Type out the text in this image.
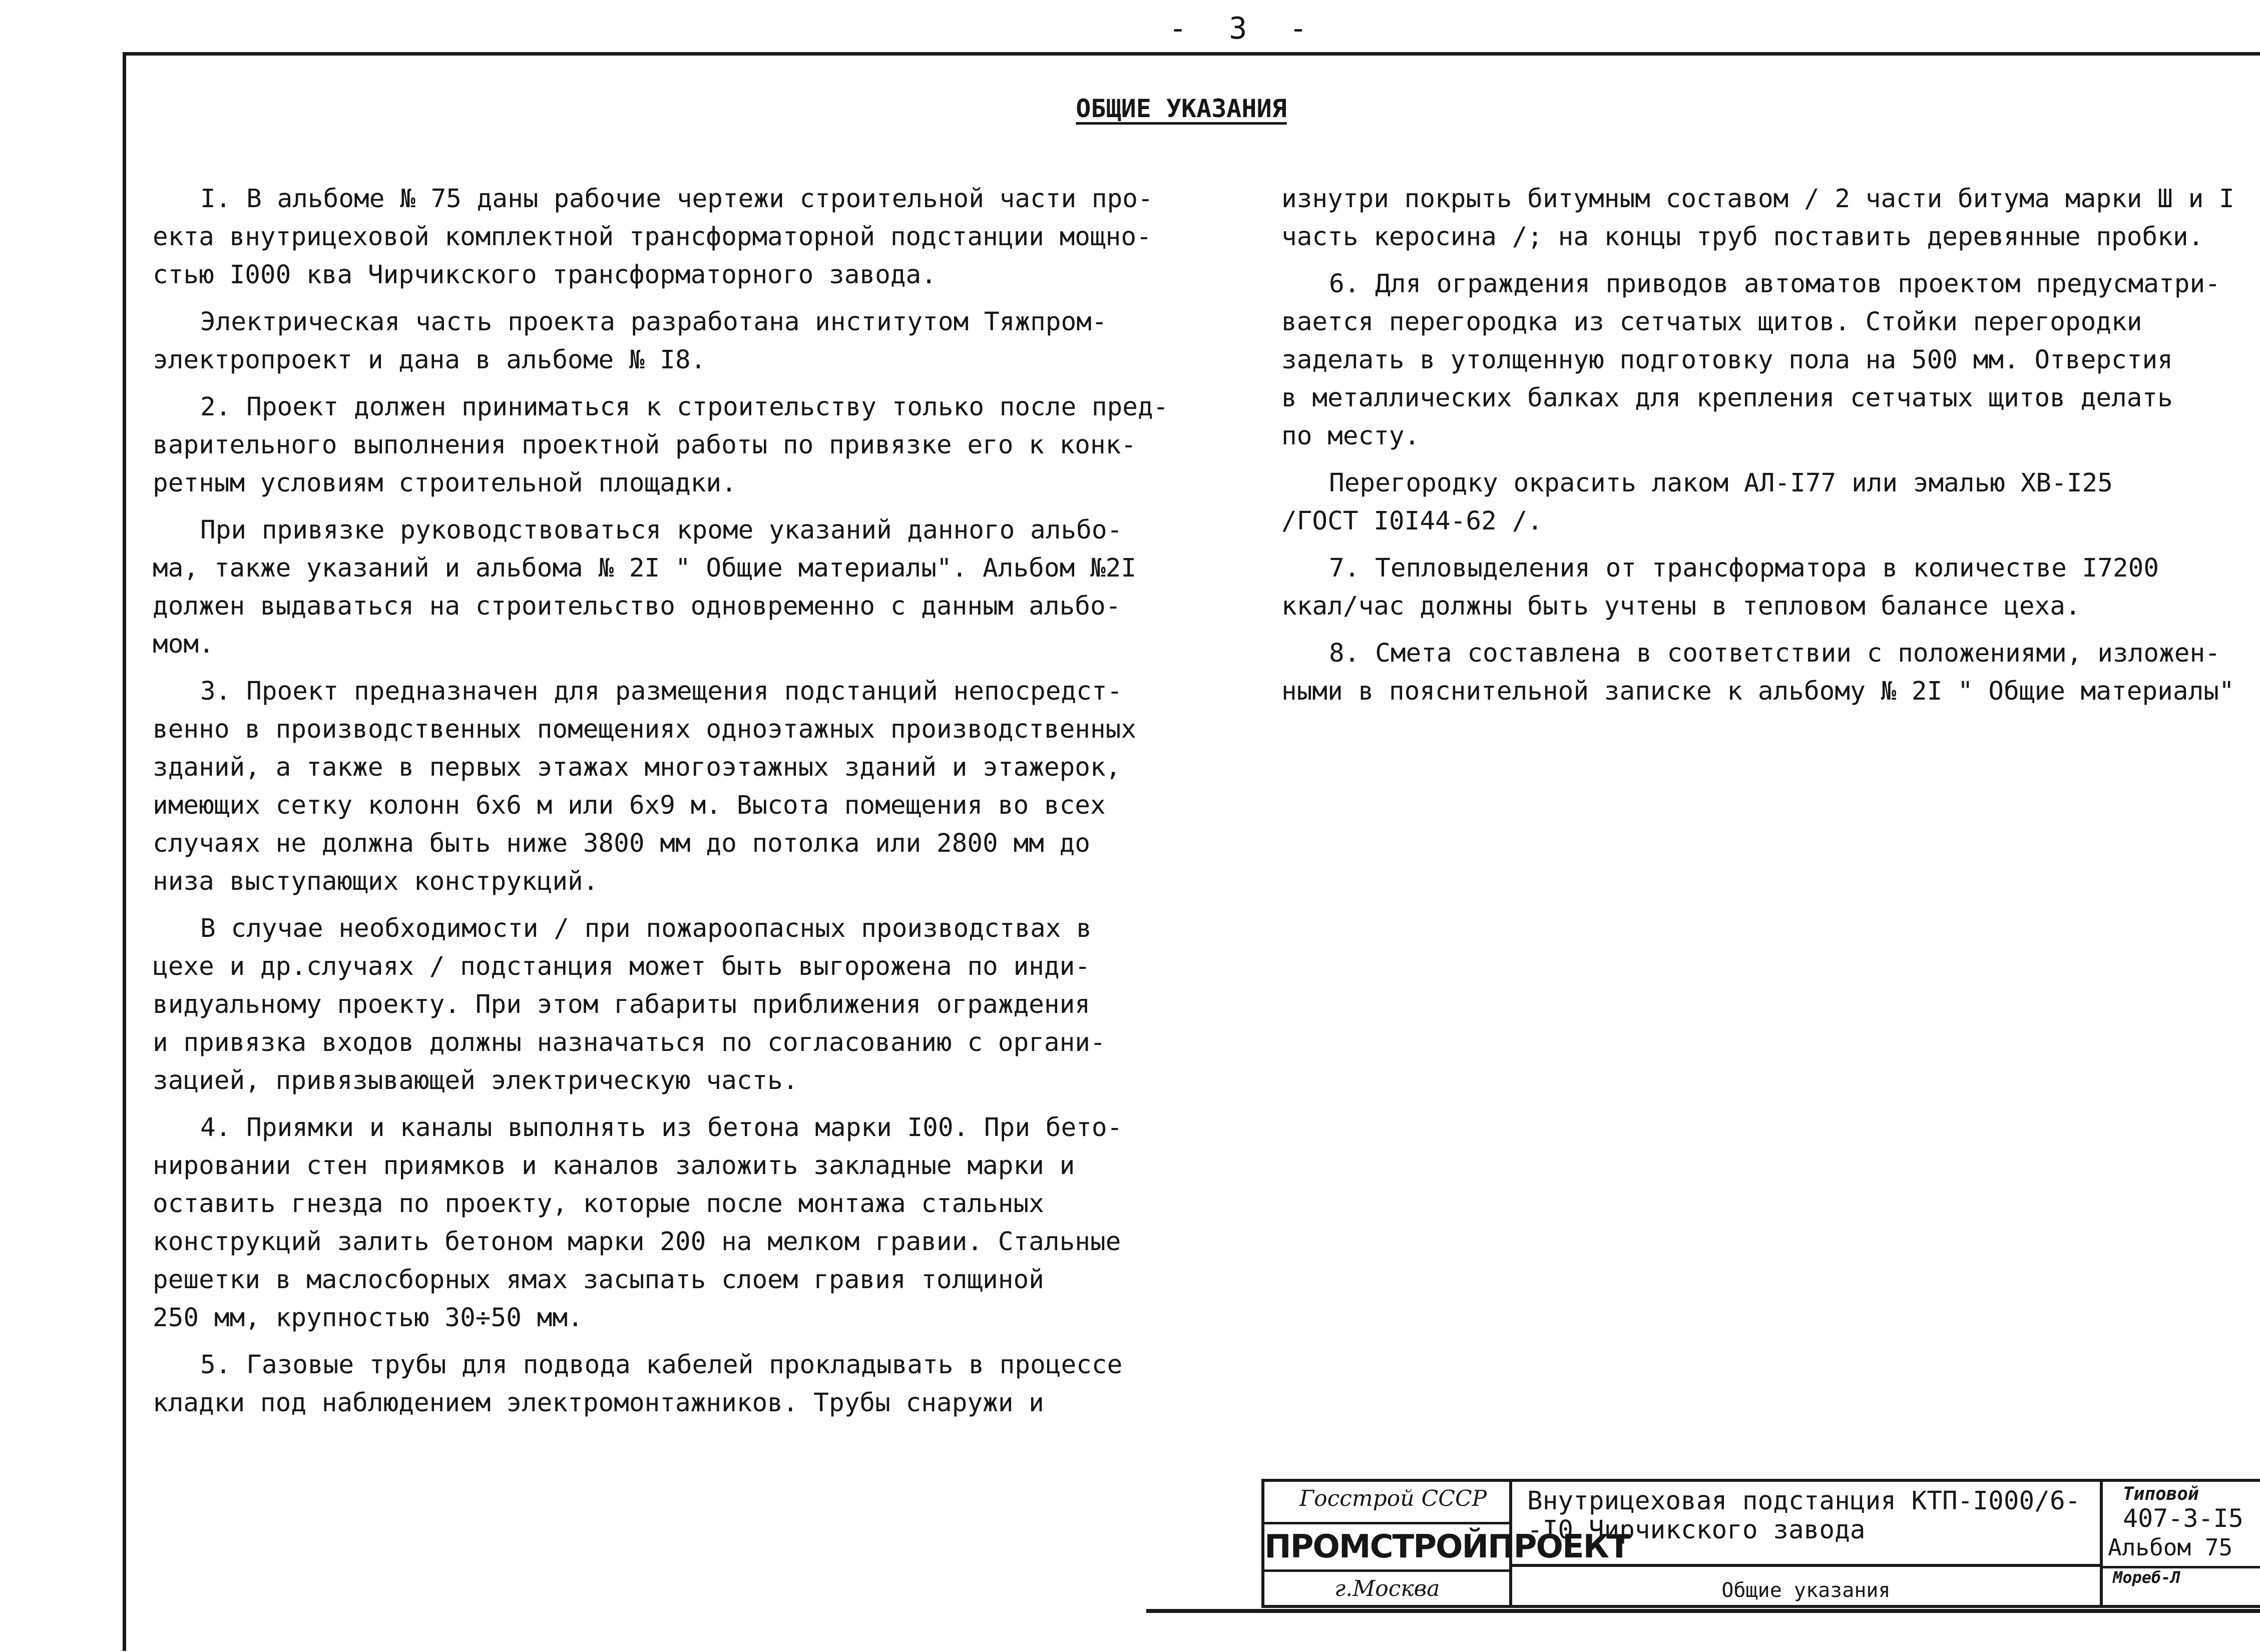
- 3 -
ОБЩИЕ УКАЗАНИЯ
I. В альбоме № 75 даны рабочие чертежи строительной части про-
екта внутрицеховой комплектной трансформаторной подстанции мощно-
стью I000 ква Чирчикского трансформаторного завода.
Электрическая часть проекта разработана институтом Тяжпром-
электропроект и дана в альбоме № I8.
2. Проект должен приниматься к строительству только после пред-
варительного выполнения проектной работы по привязке его к конк-
ретным условиям строительной площадки.
При привязке руководствоваться кроме указаний данного альбо-
ма, также указаний и альбома № 2I " Общие материалы". Альбом №2I
должен выдаваться на строительство одновременно с данным альбо-
мом.
3. Проект предназначен для размещения подстанций непосредст-
венно в производственных помещениях одноэтажных производственных
зданий, а также в первых этажах многоэтажных зданий и этажерок,
имеющих сетку колонн 6х6 м или 6х9 м. Высота помещения во всех
случаях не должна быть ниже 3800 мм до потолка или 2800 мм до
низа выступающих конструкций.
В случае необходимости / при пожароопасных производствах в
цехе и др.случаях / подстанция может быть выгорожена по инди-
видуальному проекту. При этом габариты приближения ограждения
и привязка входов должны назначаться по согласованию с органи-
зацией, привязывающей электрическую часть.
4. Приямки и каналы выполнять из бетона марки I00. При бето-
нировании стен приямков и каналов заложить закладные марки и
оставить гнезда по проекту, которые после монтажа стальных
конструкций залить бетоном марки 200 на мелком гравии. Стальные
решетки в маслосборных ямах засыпать слоем гравия толщиной
250 мм, крупностью 30÷50 мм.
5. Газовые трубы для подвода кабелей прокладывать в процессе
кладки под наблюдением электромонтажников. Трубы снаружи и
изнутри покрыть битумным составом / 2 части битума марки Ш и I
часть керосина /; на концы труб поставить деревянные пробки.
6. Для ограждения приводов автоматов проектом предусматри-
вается перегородка из сетчатых щитов. Стойки перегородки
заделать в утолщенную подготовку пола на 500 мм. Отверстия
в металлических балках для крепления сетчатых щитов делать
по месту.
Перегородку окрасить лаком АЛ-I77 или эмалью ХВ-I25
/ГОСТ I0I44-62 /.
7. Тепловыделения от трансформатора в количестве I7200
ккал/час должны быть учтены в тепловом балансе цеха.
8. Смета составлена в соответствии с положениями, изложен-
ными в пояснительной записке к альбому № 2I " Общие материалы"
Госстрой СССР
ПРОМСТРОЙПРОЕКТ
г.Москва
Внутрицеховая подстанция КТП-I000/6-
-I0 Чирчикского завода
Общие указания
Типовой
407-3-I5
Альбом 75
Мореб-Л
